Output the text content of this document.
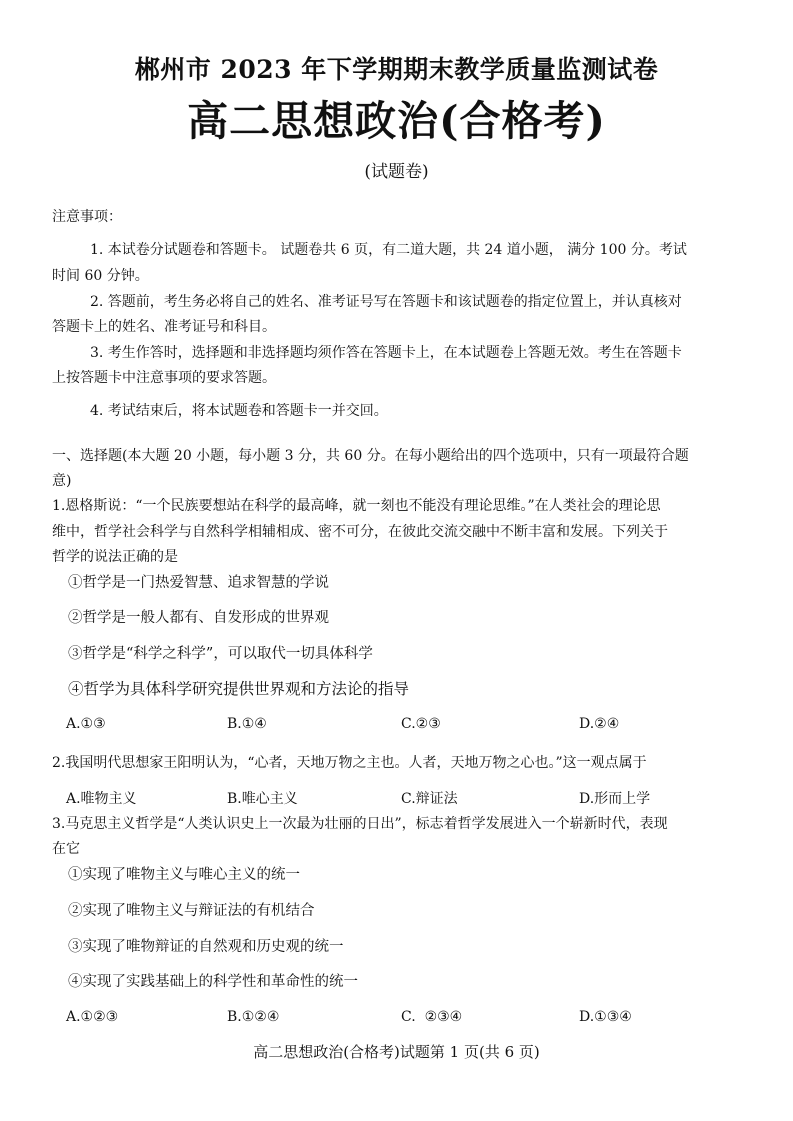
郴州市 2023 年下学期期末教学质量监测试卷
高二思想政治(合格考)
(试题卷)
注意事项：
1. 本试卷分试题卷和答题卡。 试题卷共 6 页，有二道大题，共 24 道小题， 满分 100 分。考试
时间 60 分钟。
2. 答题前，考生务必将自己的姓名、准考证号写在答题卡和该试题卷的指定位置上，并认真核对
答题卡上的姓名、准考证号和科目。
3. 考生作答时，选择题和非选择题均须作答在答题卡上，在本试题卷上答题无效。考生在答题卡
上按答题卡中注意事项的要求答题。
4. 考试结束后，将本试题卷和答题卡一并交回。
一、选择题(本大题 20 小题，每小题 3 分，共 60 分。在每小题给出的四个选项中，只有一项最符合题
意)
1.恩格斯说：“一个民族要想站在科学的最高峰，就一刻也不能没有理论思维。”在人类社会的理论思
维中，哲学社会科学与自然科学相辅相成、密不可分，在彼此交流交融中不断丰富和发展。下列关于
哲学的说法正确的是
①哲学是一门热爱智慧、追求智慧的学说
②哲学是一般人都有、自发形成的世界观
③哲学是“科学之科学”，可以取代一切具体科学
④哲学为具体科学研究提供世界观和方法论的指导
A.①③	B.①④	C.②③	D.②④
2.我国明代思想家王阳明认为，“心者，天地万物之主也。人者，天地万物之心也。”这一观点属于
A.唯物主义	B.唯心主义	C.辩证法	D.形而上学
3.马克思主义哲学是“人类认识史上一次最为壮丽的日出”，标志着哲学发展进入一个崭新时代，表现
在它
①实现了唯物主义与唯心主义的统一
②实现了唯物主义与辩证法的有机结合
③实现了唯物辩证的自然观和历史观的统一
④实现了实践基础上的科学性和革命性的统一
A.①②③	B.①②④	C.  ②③④	D.①③④
高二思想政治(合格考)试题第 1 页(共 6 页)
